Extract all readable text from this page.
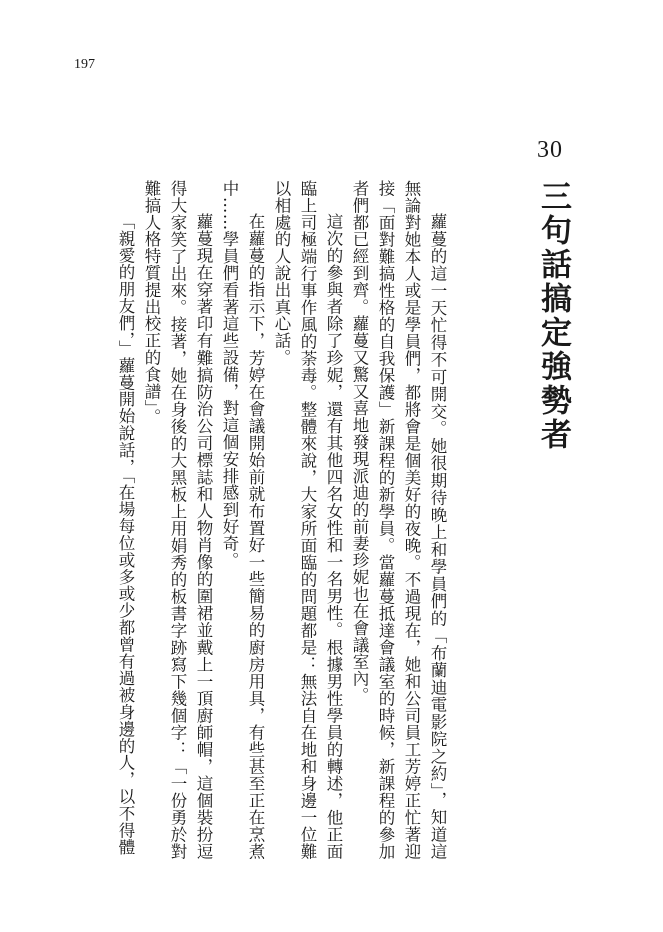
197
30
三句話搞定強勢者

蘿蔓的這一天忙得不可開交。她很期待晚上和學員們的「布蘭迪電影院之約」，知道這無論對她本人或是學員們，都將會是個美好的夜晚。不過現在，她和公司員工芳婷正忙著迎接「面對難搞性格的自我保護」新課程的新學員。當蘿蔓抵達會議室的時候，新課程的參加者們都已經到齊。蘿蔓又驚又喜地發現派迪的前妻珍妮也在會議室內。

這次的參與者除了珍妮，還有其他四名女性和一名男性。根據男性學員的轉述，他正面臨上司極端行事作風的荼毒。整體來說，大家所面臨的問題都是：無法自在地和身邊一位難以相處的人說出真心話。

在蘿蔓的指示下，芳婷在會議開始前就布置好一些簡易的廚房用具，有些甚至正在烹煮中……學員們看著這些設備，對這個安排感到好奇。

蘿蔓現在穿著印有難搞防治公司標誌和人物肖像的圍裙並戴上一頂廚師帽，這個裝扮逗得大家笑了出來。接著，她在身後的大黑板上用娟秀的板書字跡寫下幾個字：「一份勇於對難搞人格特質提出校正的食譜」。

「親愛的朋友們，」蘿蔓開始說話，「在場每位或多或少都曾有過被身邊的人，以不得體
